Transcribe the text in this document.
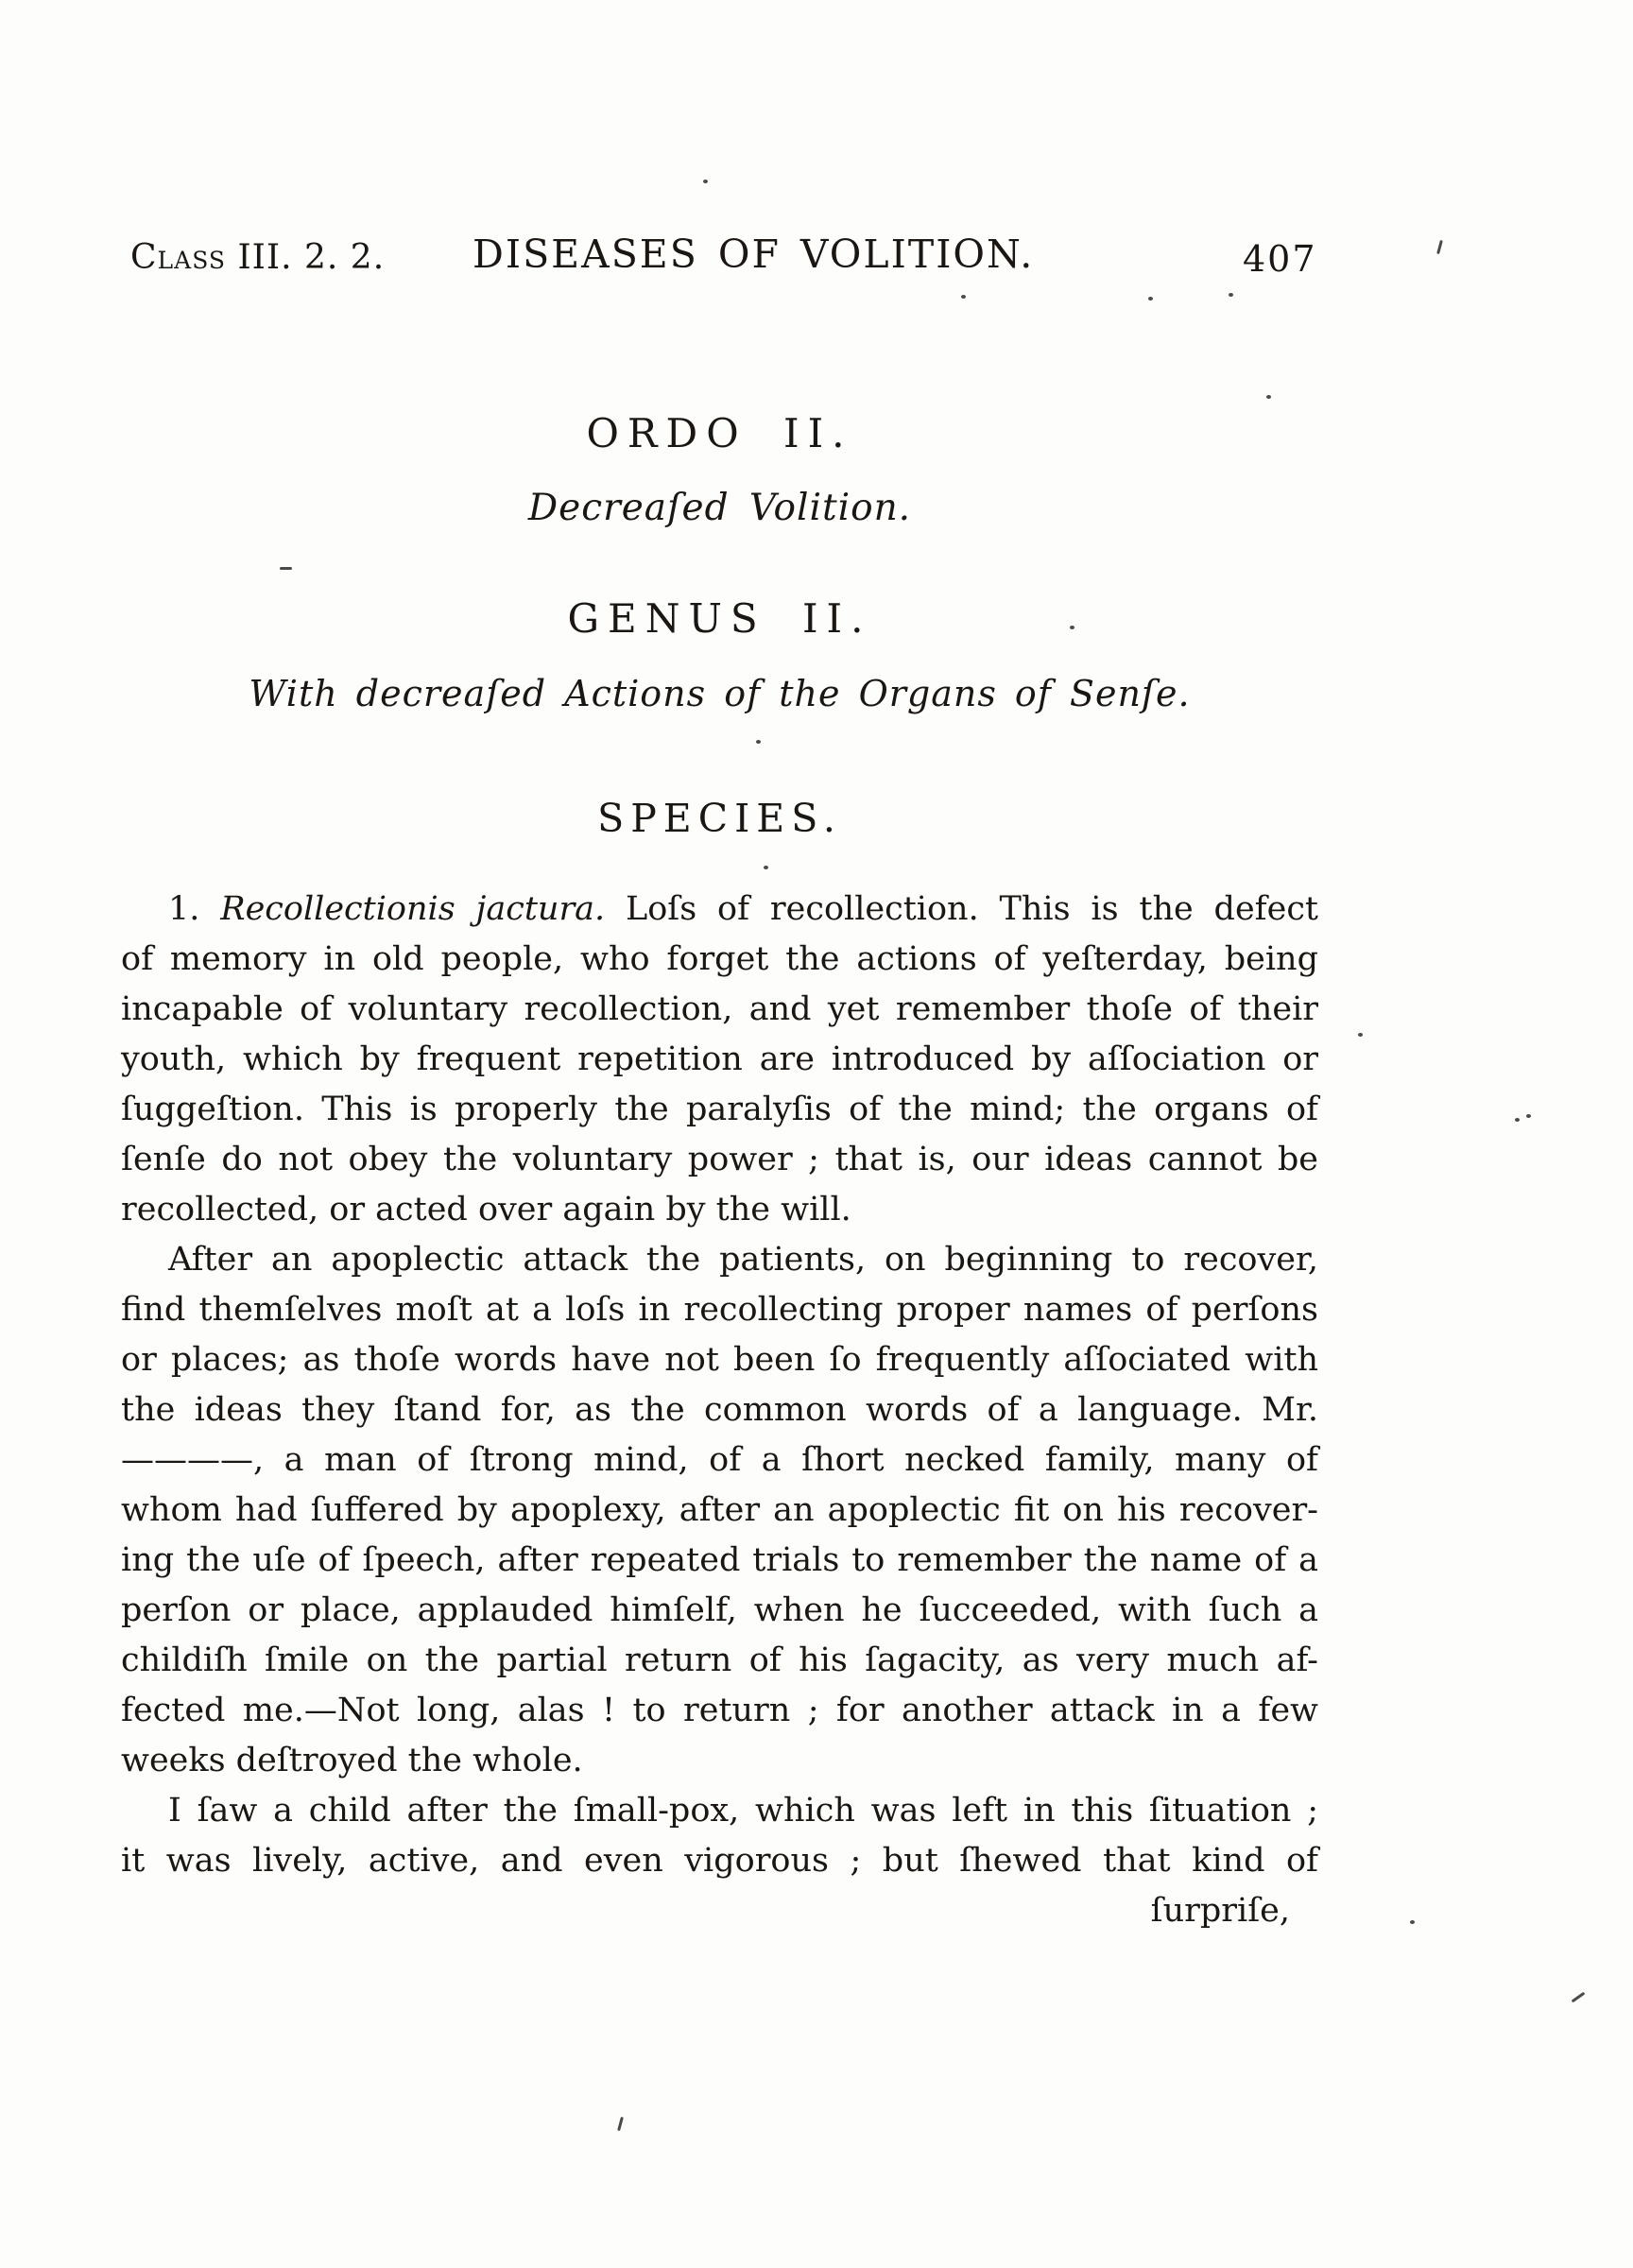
Class III. 2. 2. DISEASES OF VOLITION.	407
ORDO II.
Decreaſed Volition.
GENUS II.
With decreaſed Actions of the Organs of Senſe.
SPECIES.
1. Recollectionis jactura. Loſs of recollection. This is the defect
of memory in old people, who forget the actions of yeſterday, being
incapable of voluntary recollection, and yet remember thoſe of their
youth, which by frequent repetition are introduced by aſſociation or
ſuggeſtion. This is properly the paralyſis of the mind; the organs of
ſenſe do not obey the voluntary power ; that is, our ideas cannot be
recollected, or acted over again by the will.
After an apoplectic attack the patients, on beginning to recover,
find themſelves moſt at a loſs in recollecting proper names of perſons
or places; as thoſe words have not been ſo frequently aſſociated with
the ideas they ſtand for, as the common words of a language. Mr.
————, a man of ſtrong mind, of a ſhort necked family, many of
whom had ſuffered by apoplexy, after an apoplectic fit on his recover-
ing the uſe of ſpeech, after repeated trials to remember the name of a
perſon or place, applauded himſelf, when he ſucceeded, with ſuch a
childiſh ſmile on the partial return of his ſagacity, as very much af-
fected me.—Not long, alas ! to return ; for another attack in a few
weeks deſtroyed the whole.
I ſaw a child after the ſmall-pox, which was left in this ſituation ;
it was lively, active, and even vigorous ; but ſhewed that kind of
ſurpriſe,
